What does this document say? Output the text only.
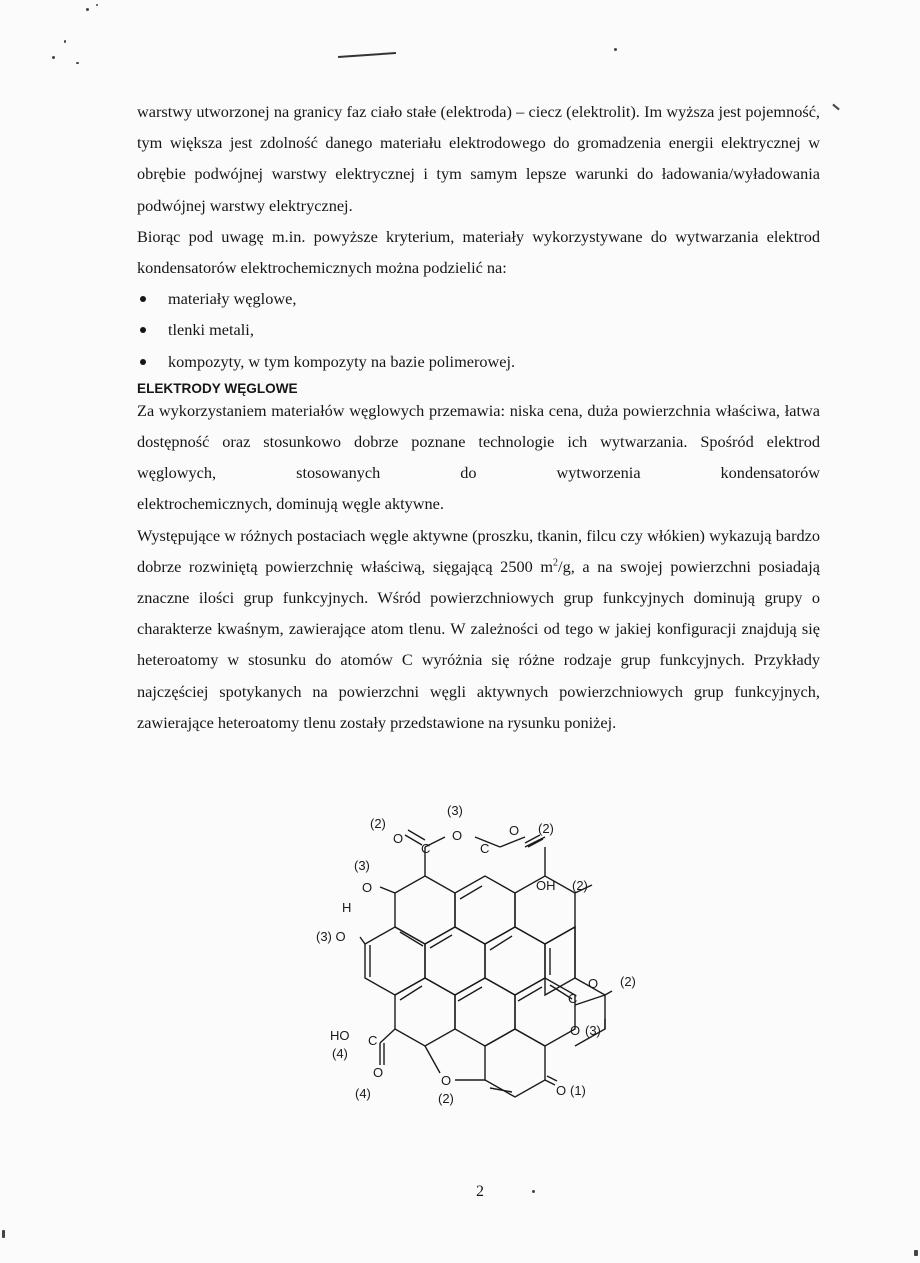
warstwy utworzonej na granicy faz ciało stałe (elektroda) – ciecz (elektrolit). Im wyższa jest pojemność, tym większa jest zdolność danego materiału elektrodowego do gromadzenia energii elektrycznej w obrębie podwójnej warstwy elektrycznej i tym samym lepsze warunki do ładowania/wyładowania podwójnej warstwy elektrycznej.

Biorąc pod uwagę m.in. powyższe kryterium, materiały wykorzystywane do wytwarzania elektrod kondensatorów elektrochemicznych można podzielić na:

materiały węglowe,
tlenki metali,
kompozyty, w tym kompozyty na bazie polimerowej.
ELEKTRODY WĘGLOWE

Za wykorzystaniem materiałów węglowych przemawia: niska cena, duża powierzchnia właściwa, łatwa dostępność oraz stosunkowo dobrze poznane technologie ich wytwarzania. Spośród elektrod węglowych, stosowanych do wytworzenia kondensatorów

elektrochemicznych, dominują węgle aktywne.

Występujące w różnych postaciach węgle aktywne (proszku, tkanin, filcu czy włókien) wykazują bardzo dobrze rozwiniętą powierzchnię właściwą, sięgającą 2500 $m^2/g$, a na swojej powierzchni posiadają znaczne ilości grup funkcyjnych. Wśród powierzchniowych grup funkcyjnych dominują grupy o charakterze kwaśnym, zawierające atom tlenu. W zależności od tego w jakiej konfiguracji znajdują się heteroatomy w stosunku do atomów C wyróżnia się różne rodzaje grup funkcyjnych. Przykłady najczęściej spotykanych na powierzchni węgli aktywnych powierzchniowych grup funkcyjnych, zawierające heteroatomy tlenu zostały przedstawione na rysunku poniżej.

(2)
(3)
(2)
O
C
O
C
O
(3)
O
H
(3) O
OH (2)
O
C
(2)
O (3)
HO C
(4)
O
(4)
O
(2)
O (1)
2
